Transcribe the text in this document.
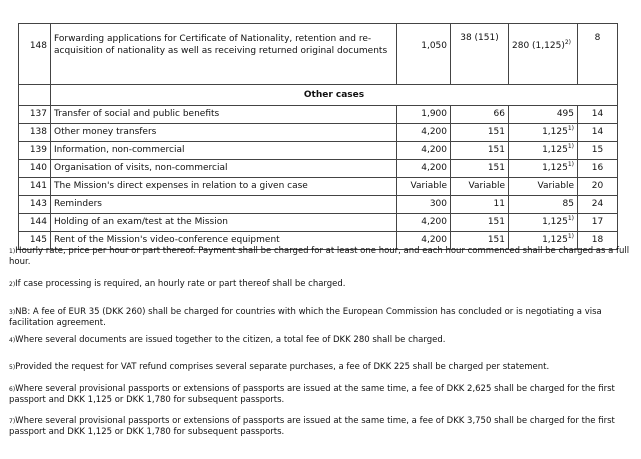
148	Forwarding applications for Certificate of Nationality, retention and re-
acquisition of nationality as well as receiving returned original documents	1,050	38 (151)	280 $(1,125)^{2)}$	8
	Other cases				
137	Transfer of social and public benefits	1,900	66	495	14
138	Other money transfers	4,200	151	1,125$^{1)}$	14
139	Information, non-commercial	4,200	151	1,125$^{1)}$	15
140	Organisation of visits, non-commercial	4,200	151	1,125$^{1)}$	16
141	The Mission's direct expenses in relation to a given case	Variable	Variable	Variable	20
143	Reminders	300	11	85	24
144	Holding of an exam/test at the Mission	4,200	151	1,125$^{1)}$	17
145	Rent of the Mission's video-conference equipment	4,200	151	1,125$^{1)}$	18

1)Hourly rate, price per hour or part thereof. Payment shall be charged for at least one hour, and each hour commenced shall be charged as a full hour.

2)If case processing is required, an hourly rate or part thereof shall be charged.

3)NB: A fee of EUR 35 (DKK 260) shall be charged for countries with which the European Commission has concluded or is negotiating a visa facilitation agreement.

4)Where several documents are issued together to the citizen, a total fee of DKK 280 shall be charged.

5)Provided the request for VAT refund comprises several separate purchases, a fee of DKK 225 shall be charged per statement.

6)Where several provisional passports or extensions of passports are issued at the same time, a fee of DKK 2,625 shall be charged for the first passport and DKK 1,125 or DKK 1,780 for subsequent passports.

7)Where several provisional passports or extensions of passports are issued at the same time, a fee of DKK 3,750 shall be charged for the first passport and DKK 1,125 or DKK 1,780 for subsequent passports.
